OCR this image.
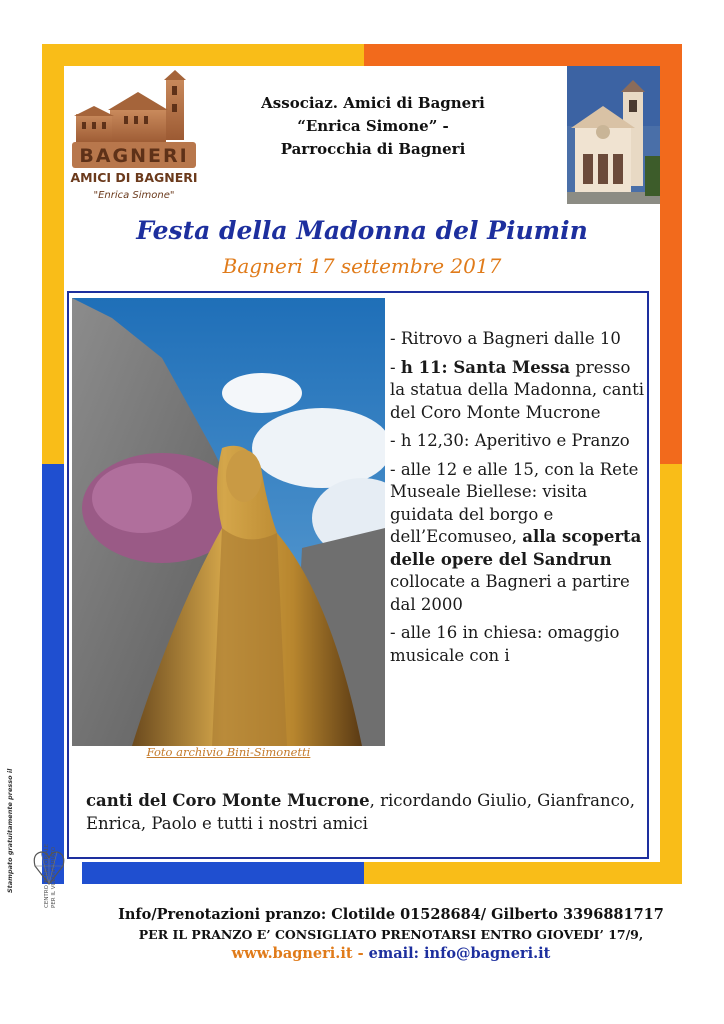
BAGNERI
AMICI DI BAGNERI
"Enrica Simone"
Associaz. Amici di Bagneri
“Enrica Simone” -
Parrocchia di Bagneri
Festa della Madonna del Piumin
Bagneri 17 settembre 2017
Foto archivio Bini-Simonetti

- Ritrovo a Bagneri dalle 10

- h 11: Santa Messa presso la statua della Madonna, canti del Coro Monte Mucrone

- h 12,30: Aperitivo e Pranzo

- alle 12 e alle 15, con la Rete Museale Biellese: visita guidata del borgo e dell’Ecomuseo, alla scoperta delle opere del Sandrun collocate a Bagneri a partire dal 2000

- alle 16 in chiesa: omaggio musicale con i

canti del Coro Monte Mucrone, ricordando Giulio, Gianfranco, Enrica, Paolo e tutti i nostri amici
Stampato gratuitamente presso il	CENTRO TERRITORIALE PER IL VOLONTARIATO
Info/Prenotazioni pranzo: Clotilde 01528684/ Gilberto 3396881717
PER IL PRANZO E’ CONSIGLIATO PRENOTARSI ENTRO GIOVEDI’ 17/9,
www.bagneri.it - email: info@bagneri.it
